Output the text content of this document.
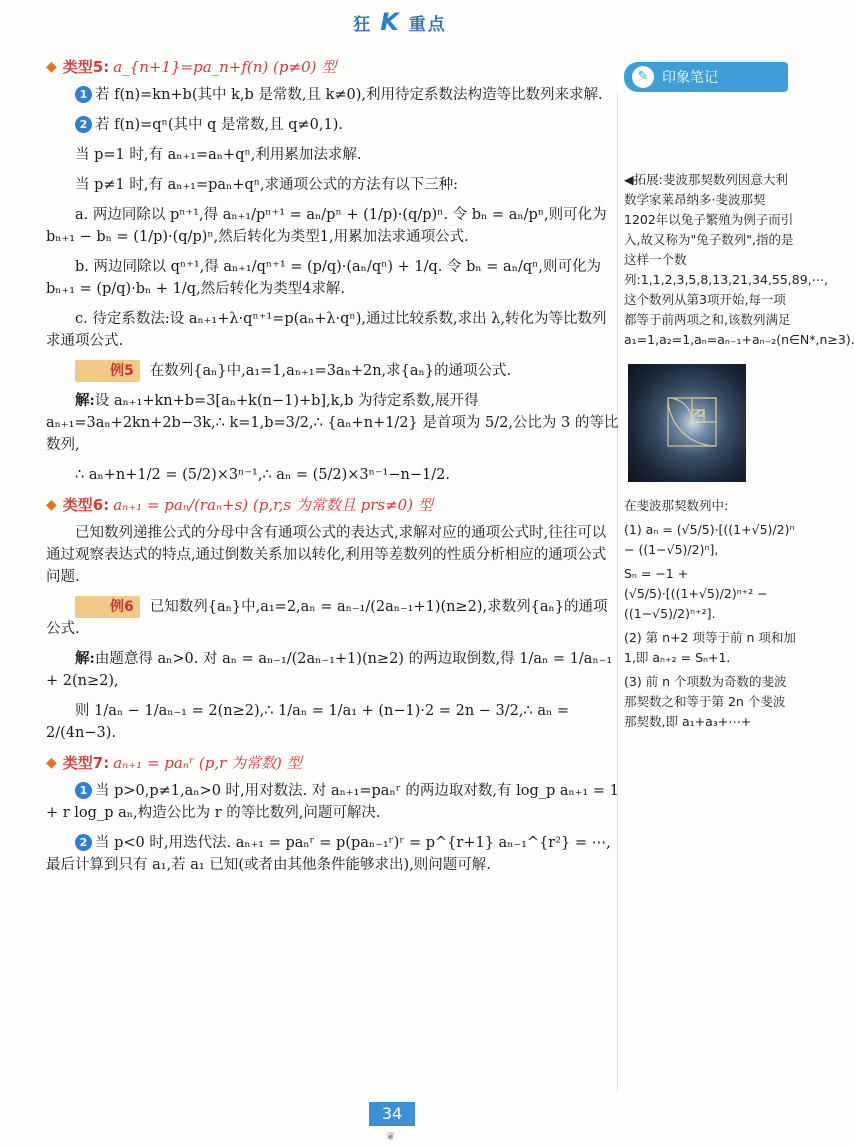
狂 K 重点
◆ 类型5: a_{n+1}=pa_n+f(n) (p≠0) 型

1 若 f(n)=kn+b(其中 k,b 是常数,且 k≠0),利用待定系数法构造等比数列来求解.

2 若 f(n)=qⁿ(其中 q 是常数,且 q≠0,1).

当 p=1 时,有 aₙ₊₁=aₙ+qⁿ,利用累加法求解.

当 p≠1 时,有 aₙ₊₁=paₙ+qⁿ,求通项公式的方法有以下三种:

a. 两边同除以 pⁿ⁺¹,得 aₙ₊₁/pⁿ⁺¹ = aₙ/pⁿ + (1/p)·(q/p)ⁿ. 令 bₙ = aₙ/pⁿ,则可化为 bₙ₊₁ − bₙ = (1/p)·(q/p)ⁿ,然后转化为类型1,用累加法求通项公式.

b. 两边同除以 qⁿ⁺¹,得 aₙ₊₁/qⁿ⁺¹ = (p/q)·(aₙ/qⁿ) + 1/q. 令 bₙ = aₙ/qⁿ,则可化为 bₙ₊₁ = (p/q)·bₙ + 1/q,然后转化为类型4求解.

c. 待定系数法:设 aₙ₊₁+λ·qⁿ⁺¹=p(aₙ+λ·qⁿ),通过比较系数,求出 λ,转化为等比数列求通项公式.

例5 在数列{aₙ}中,a₁=1,aₙ₊₁=3aₙ+2n,求{aₙ}的通项公式.

解:设 aₙ₊₁+kn+b=3[aₙ+k(n−1)+b],k,b 为待定系数,展开得 aₙ₊₁=3aₙ+2kn+2b−3k,∴ k=1,b=3/2,∴ {aₙ+n+1/2} 是首项为 5/2,公比为 3 的等比数列,

∴ aₙ+n+1/2 = (5/2)×3ⁿ⁻¹,∴ aₙ = (5/2)×3ⁿ⁻¹−n−1/2.

◆ 类型6: aₙ₊₁ = paₙ/(raₙ+s) (p,r,s 为常数且 prs≠0) 型

已知数列递推公式的分母中含有通项公式的表达式,求解对应的通项公式时,往往可以通过观察表达式的特点,通过倒数关系加以转化,利用等差数列的性质分析相应的通项公式问题.

例6 已知数列{aₙ}中,a₁=2,aₙ = aₙ₋₁/(2aₙ₋₁+1)(n≥2),求数列{aₙ}的通项公式.

解:由题意得 aₙ>0. 对 aₙ = aₙ₋₁/(2aₙ₋₁+1)(n≥2) 的两边取倒数,得 1/aₙ = 1/aₙ₋₁ + 2(n≥2),

则 1/aₙ − 1/aₙ₋₁ = 2(n≥2),∴ 1/aₙ = 1/a₁ + (n−1)·2 = 2n − 3/2,∴ aₙ = 2/(4n−3).

◆ 类型7: aₙ₊₁ = paₙʳ (p,r 为常数) 型

1 当 p>0,p≠1,aₙ>0 时,用对数法. 对 aₙ₊₁=paₙʳ 的两边取对数,有 log_p aₙ₊₁ = 1 + r log_p aₙ,构造公比为 r 的等比数列,问题可解决.

2 当 p<0 时,用迭代法. aₙ₊₁ = paₙʳ = p(paₙ₋₁ʳ)ʳ = p^{r+1} aₙ₋₁^{r²} = ⋯,最后计算到只有 a₁,若 a₁ 已知(或者由其他条件能够求出),则问题可解.

✎ 印象笔记

◀拓展:斐波那契数列因意大利数学家莱昂纳多·斐波那契1202年以兔子繁殖为例子而引入,故又称为"兔子数列",指的是这样一个数列:1,1,2,3,5,8,13,21,34,55,89,⋯,这个数列从第3项开始,每一项都等于前两项之和,该数列满足 a₁=1,a₂=1,aₙ=aₙ₋₁+aₙ₋₂(n∈N*,n≥3).

在斐波那契数列中:

(1) aₙ = (√5/5)·[((1+√5)/2)ⁿ − ((1−√5)/2)ⁿ],

Sₙ = −1 + (√5/5)·[((1+√5)/2)ⁿ⁺² − ((1−√5)/2)ⁿ⁺²].

(2) 第 n+2 项等于前 n 项和加1,即 aₙ₊₂ = Sₙ+1.

(3) 前 n 个项数为奇数的斐波那契数之和等于第 2n 个斐波那契数,即 a₁+a₃+⋯+

34
❦
